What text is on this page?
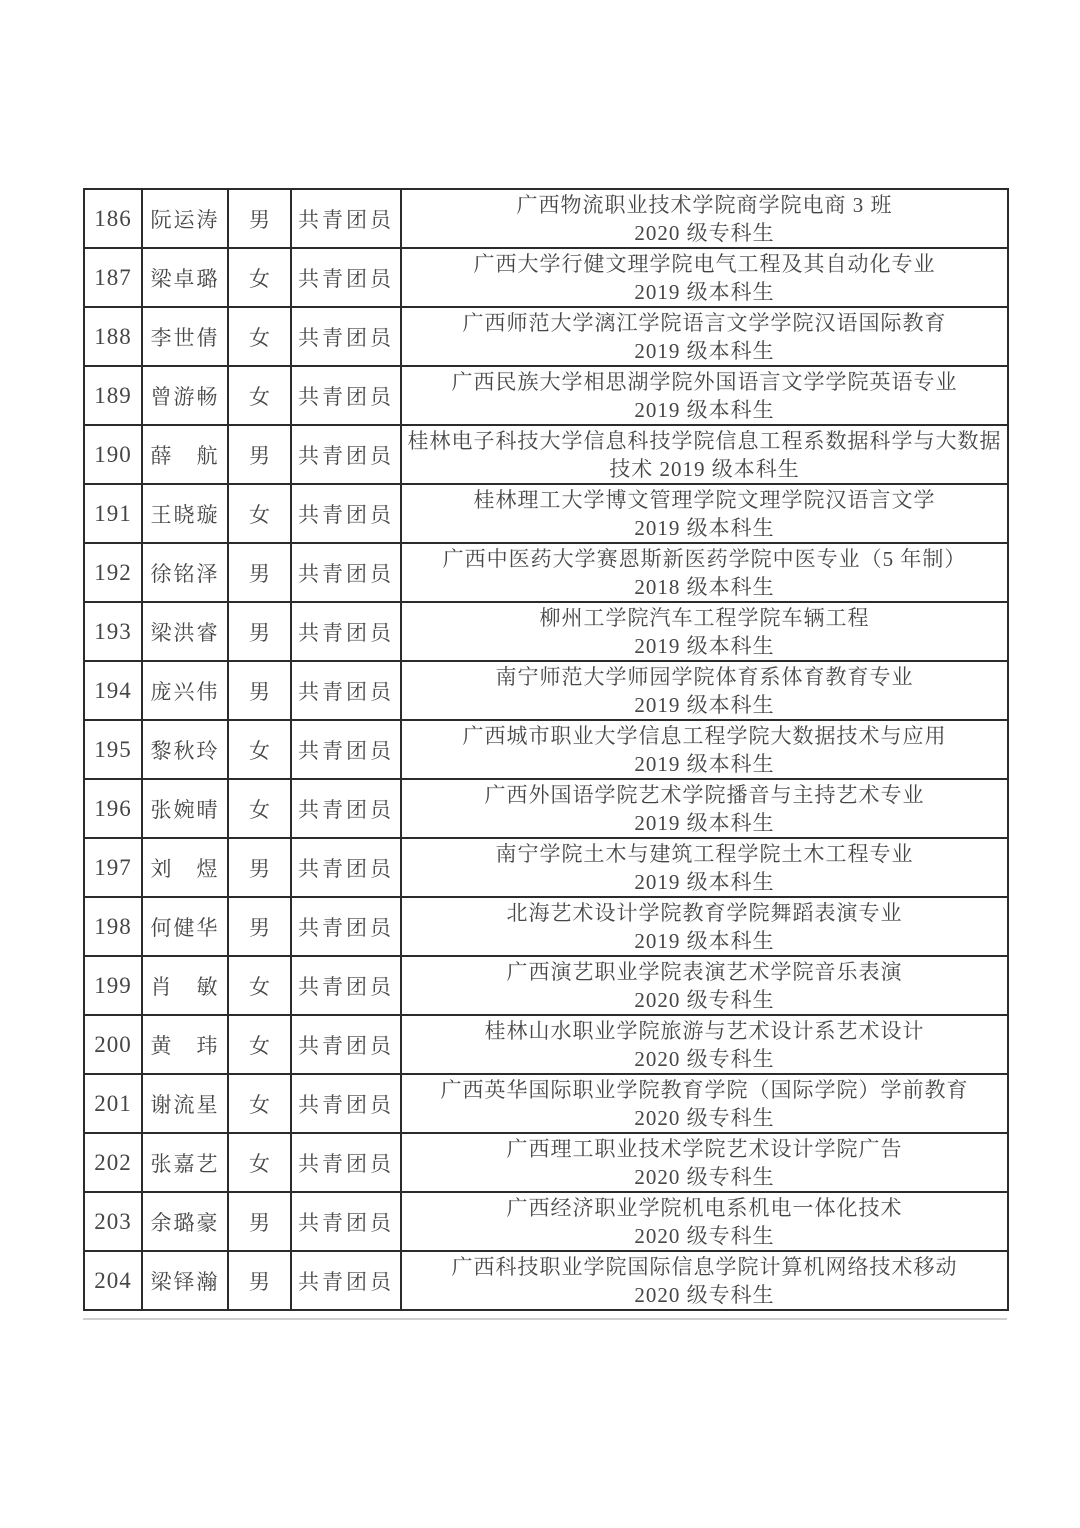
186	阮运涛	男	共青团员	广西物流职业技术学院商学院电商 3 班
2020 级专科生

187	梁卓璐	女	共青团员	广西大学行健文理学院电气工程及其自动化专业
2019 级本科生

188	李世倩	女	共青团员	广西师范大学漓江学院语言文学学院汉语国际教育
2019 级本科生

189	曾游畅	女	共青团员	广西民族大学相思湖学院外国语言文学学院英语专业
2019 级本科生

190	薛　航	男	共青团员	桂林电子科技大学信息科技学院信息工程系数据科学与大数据
技术 2019 级本科生

191	王晓璇	女	共青团员	桂林理工大学博文管理学院文理学院汉语言文学
2019 级本科生

192	徐铭泽	男	共青团员	广西中医药大学赛恩斯新医药学院中医专业（5 年制）
2018 级本科生

193	梁洪睿	男	共青团员	柳州工学院汽车工程学院车辆工程
2019 级本科生

194	庞兴伟	男	共青团员	南宁师范大学师园学院体育系体育教育专业
2019 级本科生

195	黎秋玲	女	共青团员	广西城市职业大学信息工程学院大数据技术与应用
2019 级本科生

196	张婉晴	女	共青团员	广西外国语学院艺术学院播音与主持艺术专业
2019 级本科生

197	刘　煜	男	共青团员	南宁学院土木与建筑工程学院土木工程专业
2019 级本科生

198	何健华	男	共青团员	北海艺术设计学院教育学院舞蹈表演专业
2019 级本科生

199	肖　敏	女	共青团员	广西演艺职业学院表演艺术学院音乐表演
2020 级专科生

200	黄　玮	女	共青团员	桂林山水职业学院旅游与艺术设计系艺术设计
2020 级专科生

201	谢流星	女	共青团员	广西英华国际职业学院教育学院（国际学院）学前教育
2020 级专科生

202	张嘉艺	女	共青团员	广西理工职业技术学院艺术设计学院广告
2020 级专科生

203	余璐豪	男	共青团员	广西经济职业学院机电系机电一体化技术
2020 级专科生

204	梁铎瀚	男	共青团员	广西科技职业学院国际信息学院计算机网络技术移动
2020 级专科生
